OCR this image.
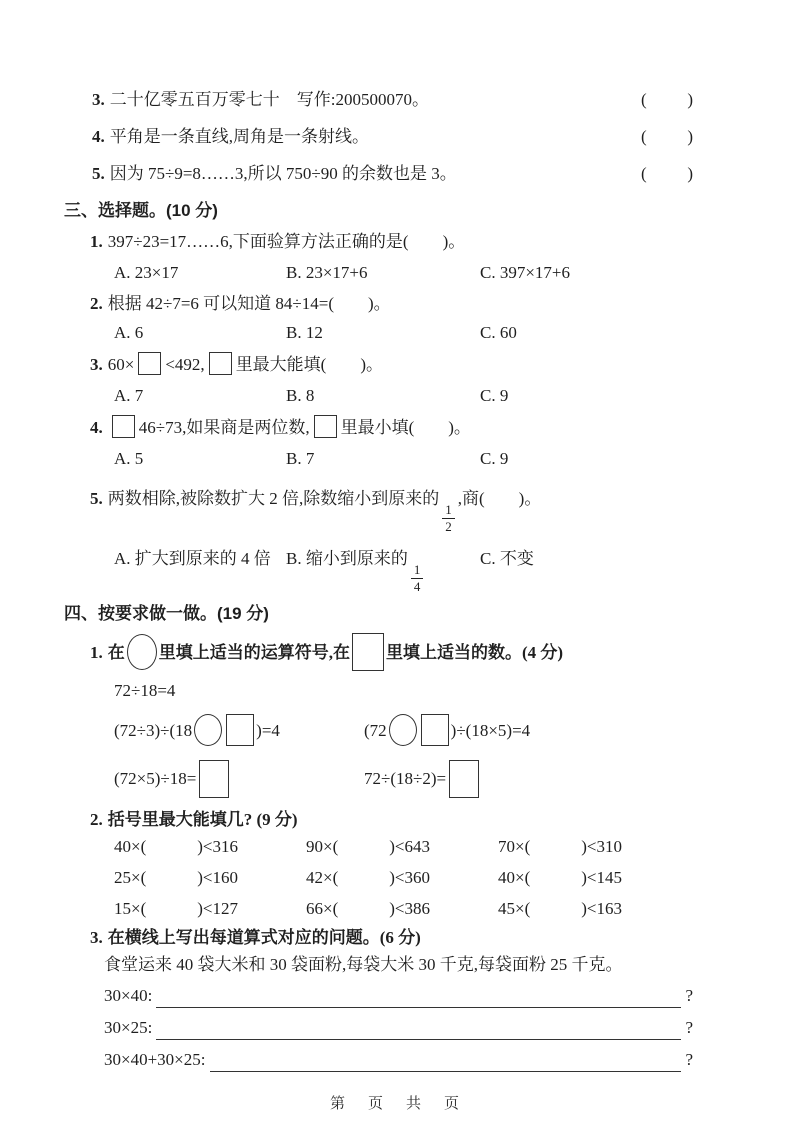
3. 二十亿零五百万零七十　写作:200500070。	( )
4. 平角是一条直线,周角是一条射线。	( )
5. 因为 75÷9=8……3,所以 750÷90 的余数也是 3。	( )
三、选择题。(10 分)
1. 397÷23=17……6,下面验算方法正确的是(　　)。
A. 23×17	B. 23×17+6	C. 397×17+6
2. 根据 42÷7=6 可以知道 84÷14=(　　)。
A. 6	B. 12	C. 60
3. 60× <492, 里最大能填(　　)。
A. 7	B. 8	C. 9
4. 46÷73,如果商是两位数, 里最小填(　　)。
A. 5	B. 7	C. 9
5. 两数相除,被除数扩大 2 倍,除数缩小到原来的
$\frac{1}{2}$
,商(　　)。
A. 扩大到原来的 4 倍 B. 缩小到原来的
$\frac{1}{4}$
C. 不变
四、按要求做一做。(19 分)
1. 在 里填上适当的运算符号,在 里填上适当的数。(4 分)
72÷18=4
(72÷3)÷(18	)=4	(72	)÷(18×5)=4
(72×5)÷18=	72÷(18÷2)=
2. 括号里最大能填几? (9 分)
40×(　　　)<316	90×(　　　)<643	70×(　　　)<310
25×(　　　)<160	42×(　　　)<360	40×(　　　)<145
15×(　　　)<127	66×(　　　)<386	45×(　　　)<163
3. 在横线上写出每道算式对应的问题。(6 分)
食堂运来 40 袋大米和 30 袋面粉,每袋大米 30 千克,每袋面粉 25 千克。
30×40:	?
30×25:	?
30×40+30×25:	?
第　页　共　页
